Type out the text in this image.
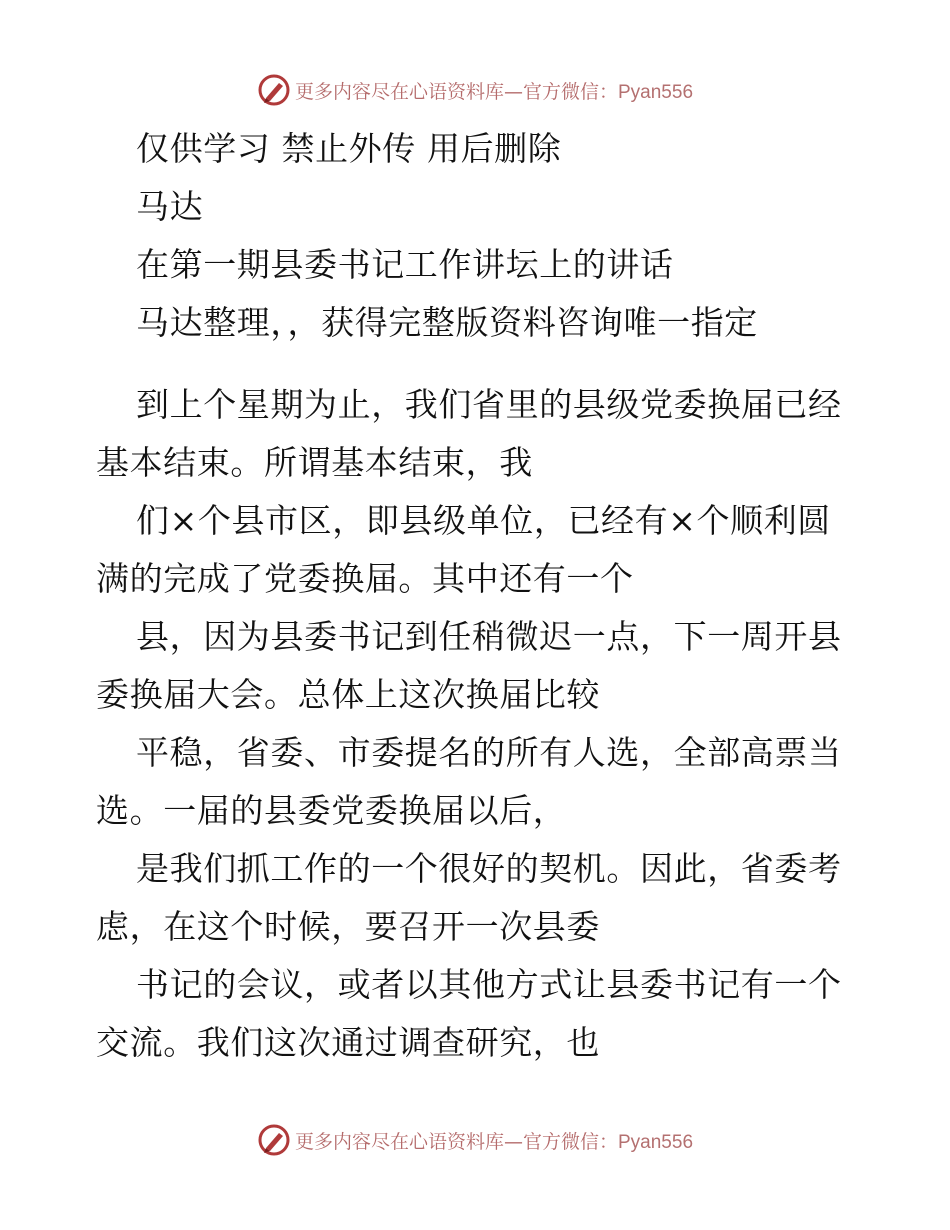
更多内容尽在心语资料库—官方微信：Pyan556
仅供学习 禁止外传 用后删除
马达
在第一期县委书记工作讲坛上的讲话
马达整理，，获得完整版资料咨询唯一指定
到上个星期为止，我们省里的县级党委换届已经
基本结束。所谓基本结束，我
们×个县市区，即县级单位，已经有×个顺利圆
满的完成了党委换届。其中还有一个
县，因为县委书记到任稍微迟一点，下一周开县
委换届大会。总体上这次换届比较
平稳，省委、市委提名的所有人选，全部高票当
选。一届的县委党委换届以后，
是我们抓工作的一个很好的契机。因此，省委考
虑，在这个时候，要召开一次县委
书记的会议，或者以其他方式让县委书记有一个
交流。我们这次通过调查研究，也
更多内容尽在心语资料库—官方微信：Pyan556
